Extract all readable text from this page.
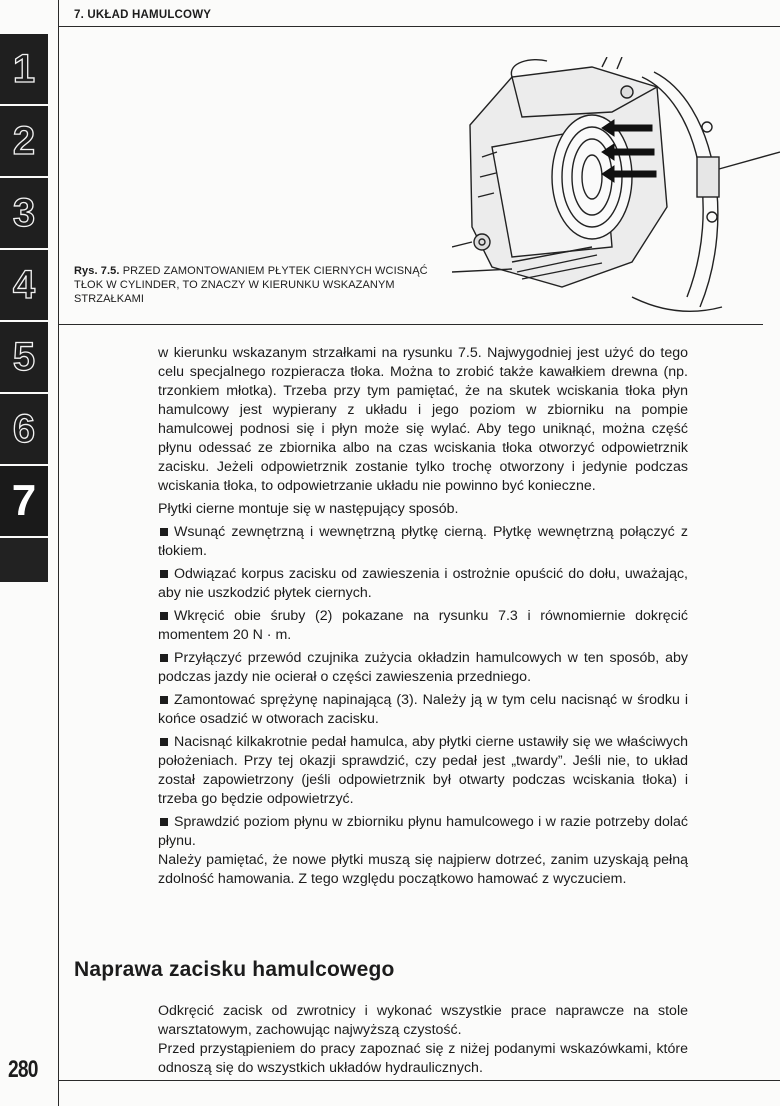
7. UKŁAD HAMULCOWY
1
2
3
4
5
6
7
Rys. 7.5. PRZED ZAMONTOWANIEM PŁYTEK CIERNYCH WCISNĄĆ TŁOK W CYLINDER, TO ZNACZY W KIERUNKU WSKAZANYM STRZAŁKAMI

w kierunku wskazanym strzałkami na rysunku 7.5. Najwygodniej jest użyć do tego celu specjalnego rozpieracza tłoka. Można to zrobić także kawałkiem drewna (np. trzonkiem młotka). Trzeba przy tym pamiętać, że na skutek wciskania tłoka płyn hamulcowy jest wypierany z układu i jego poziom w zbiorniku na pompie hamulcowej podnosi się i płyn może się wylać. Aby tego uniknąć, można część płynu odessać ze zbiornika albo na czas wciskania tłoka otworzyć odpowietrznik zacisku. Jeżeli odpowietrznik zostanie tylko trochę otworzony i jedynie podczas wciskania tłoka, to odpowietrzanie układu nie powinno być konieczne.

Płytki cierne montuje się w następujący sposób.

Wsunąć zewnętrzną i wewnętrzną płytkę cierną. Płytkę wewnętrzną połączyć z tłokiem.

Odwiązać korpus zacisku od zawieszenia i ostrożnie opuścić do dołu, uważając, aby nie uszkodzić płytek ciernych.

Wkręcić obie śruby (2) pokazane na rysunku 7.3 i równomiernie dokręcić momentem 20 N · m.

Przyłączyć przewód czujnika zużycia okładzin hamulcowych w ten sposób, aby podczas jazdy nie ocierał o części zawieszenia przedniego.

Zamontować sprężynę napinającą (3). Należy ją w tym celu nacisnąć w środku i końce osadzić w otworach zacisku.

Nacisnąć kilkakrotnie pedał hamulca, aby płytki cierne ustawiły się we właściwych położeniach. Przy tej okazji sprawdzić, czy pedał jest „twardy”. Jeśli nie, to układ został zapowietrzony (jeśli odpowietrznik był otwarty podczas wciskania tłoka) i trzeba go będzie odpowietrzyć.

Sprawdzić poziom płynu w zbiorniku płynu hamulcowego i w razie potrzeby dolać płynu.

Należy pamiętać, że nowe płytki muszą się najpierw dotrzeć, zanim uzyskają pełną zdolność hamowania. Z tego względu początkowo hamować z wyczuciem.

Naprawa zacisku hamulcowego

Odkręcić zacisk od zwrotnicy i wykonać wszystkie prace naprawcze na stole warsztatowym, zachowując najwyższą czystość.

Przed przystąpieniem do pracy zapoznać się z niżej podanymi wskazówkami, które odnoszą się do wszystkich układów hydraulicznych.

280
